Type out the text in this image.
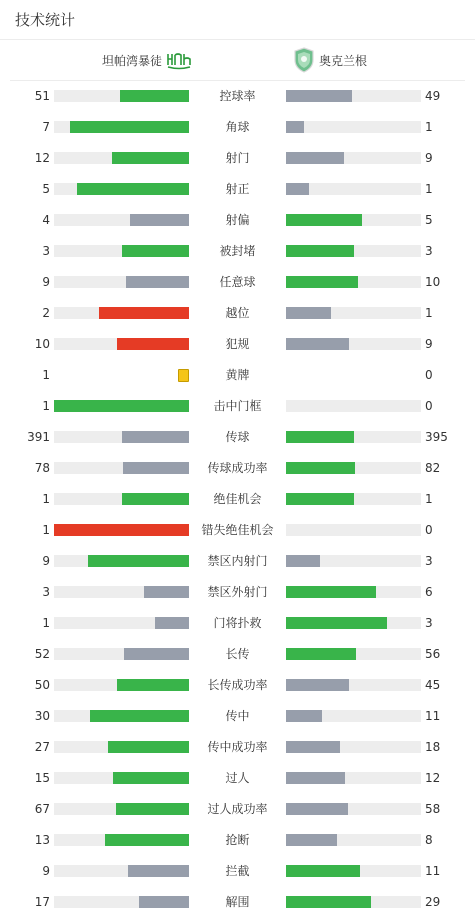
技术统计
坦帕湾暴徒	奥克兰根
51	控球率	49
7	角球	1
12	射门	9
5	射正	1
4	射偏	5
3	被封堵	3
9	任意球	10
2	越位	1
10	犯规	9
1	黄牌	0
1	击中门框	0
391	传球	395
78	传球成功率	82
1	绝佳机会	1
1	错失绝佳机会	0
9	禁区内射门	3
3	禁区外射门	6
1	门将扑救	3
52	长传	56
50	长传成功率	45
30	传中	11
27	传中成功率	18
15	过人	12
67	过人成功率	58
13	抢断	8
9	拦截	11
17	解围	29
